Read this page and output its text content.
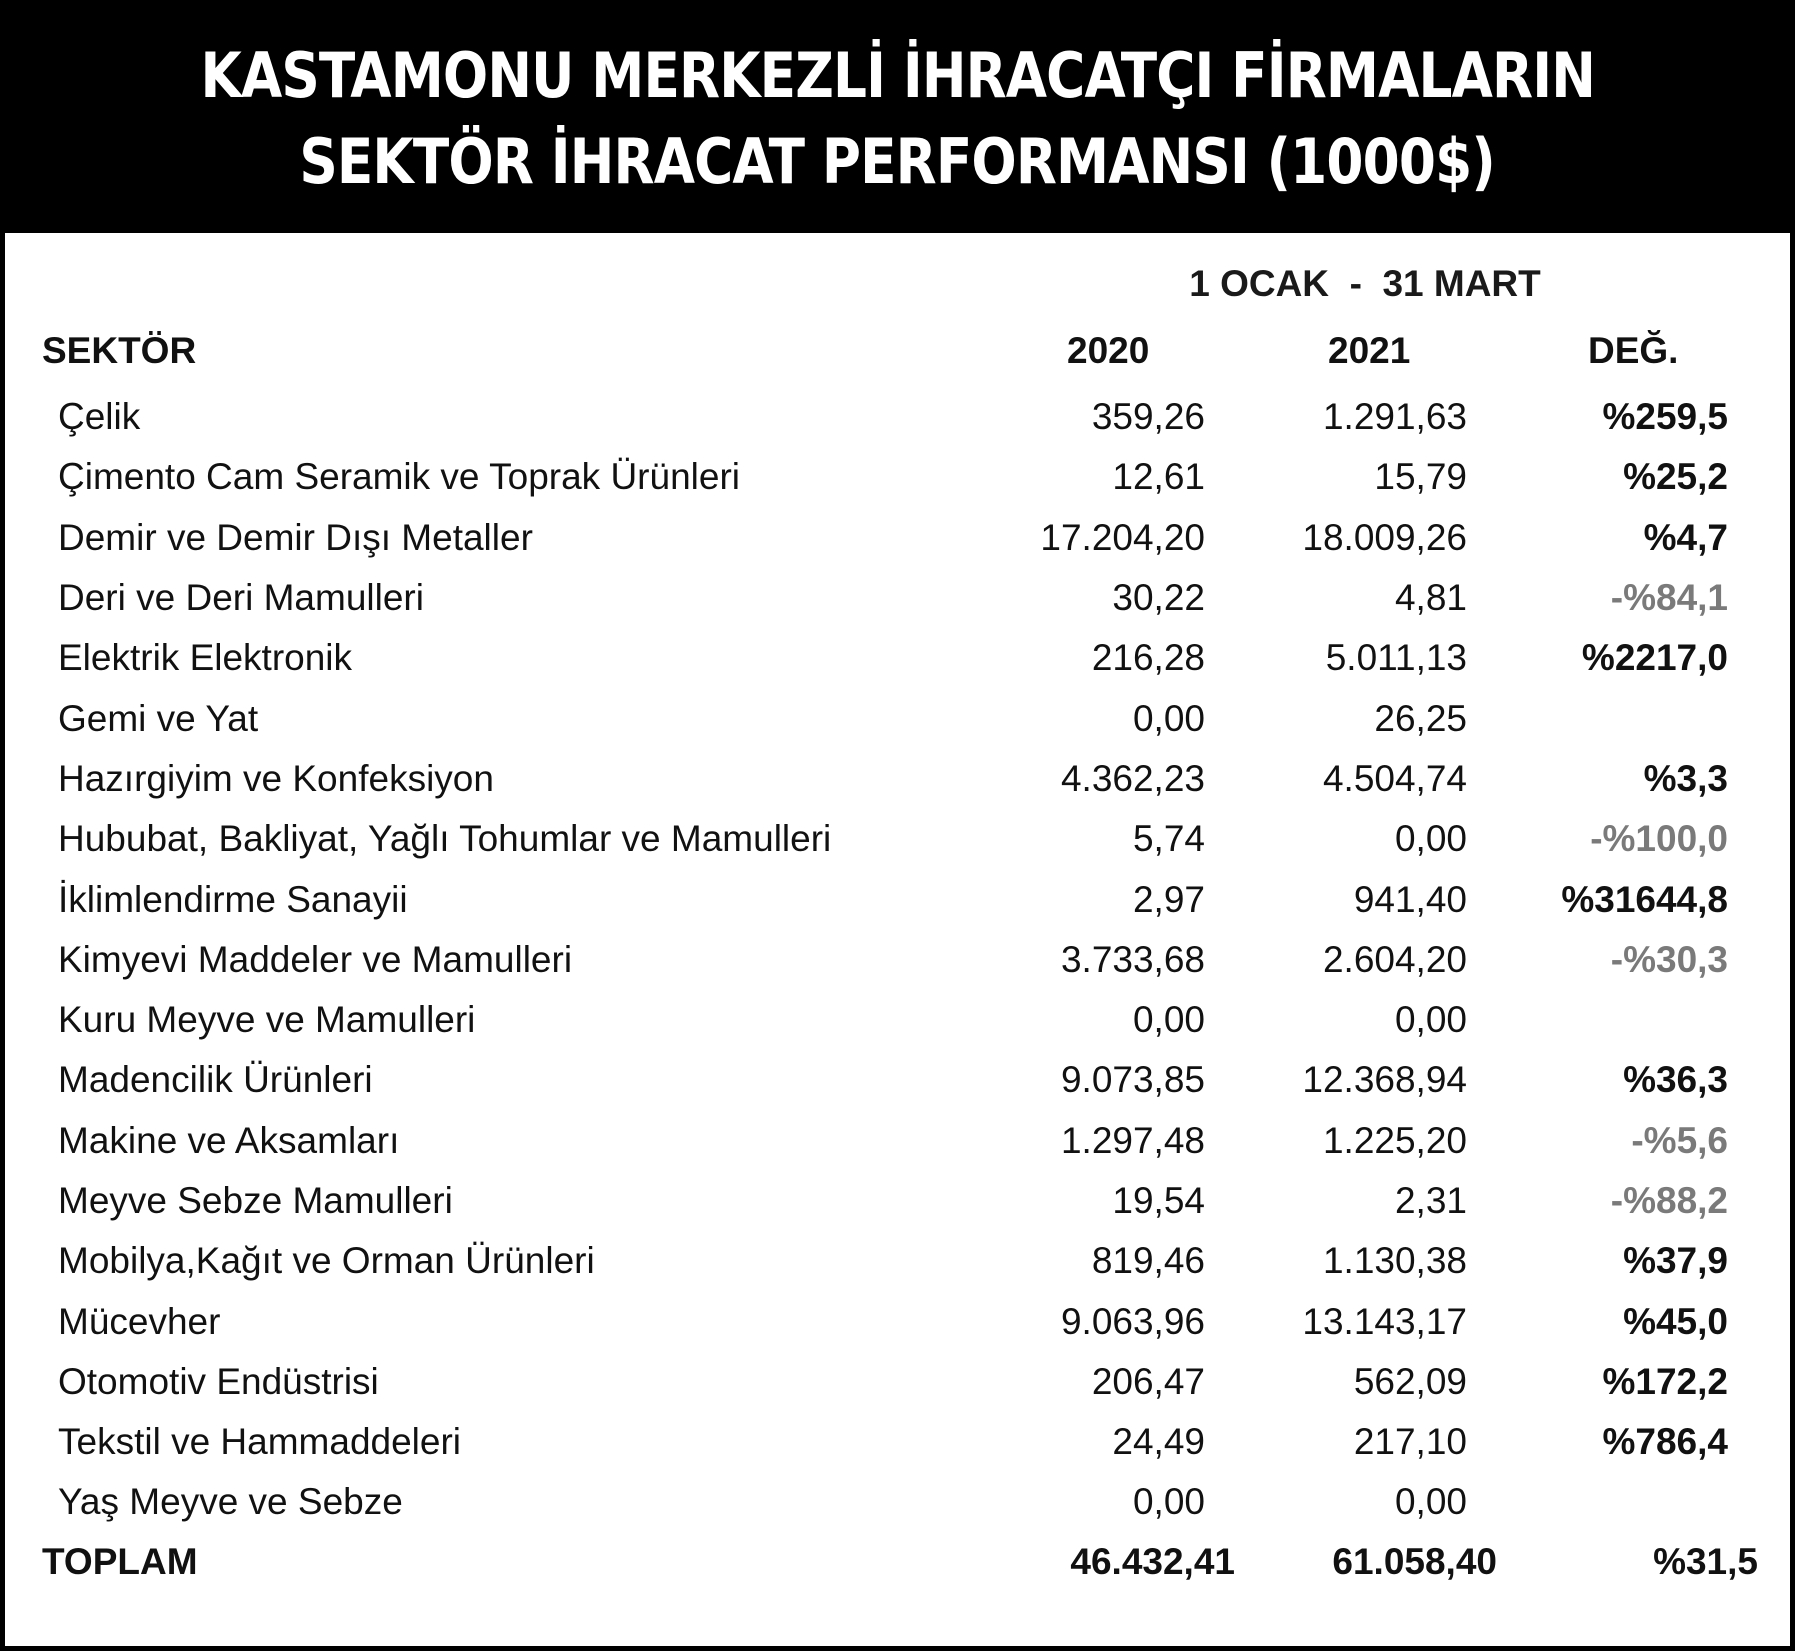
KASTAMONU MERKEZLİ İHRACATÇI FİRMALARIN
SEKTÖR İHRACAT PERFORMANSI (1000$)
1 OCAK  -  31 MART
SEKTÖR	2020	2021	DEĞ.
Çelik	359,26	1.291,63	%259,5
Çimento Cam Seramik ve Toprak Ürünleri	12,61	15,79	%25,2
Demir ve Demir Dışı Metaller	17.204,20	18.009,26	%4,7
Deri ve Deri Mamulleri	30,22	4,81	-%84,1
Elektrik Elektronik	216,28	5.011,13	%2217,0
Gemi ve Yat	0,00	26,25	
Hazırgiyim ve Konfeksiyon	4.362,23	4.504,74	%3,3
Hububat, Bakliyat, Yağlı Tohumlar ve Mamulleri	5,74	0,00	-%100,0
İklimlendirme Sanayii	2,97	941,40	%31644,8
Kimyevi Maddeler ve Mamulleri	3.733,68	2.604,20	-%30,3
Kuru Meyve ve Mamulleri	0,00	0,00	
Madencilik Ürünleri	9.073,85	12.368,94	%36,3
Makine ve Aksamları	1.297,48	1.225,20	-%5,6
Meyve Sebze Mamulleri	19,54	2,31	-%88,2
Mobilya,Kağıt ve Orman Ürünleri	819,46	1.130,38	%37,9
Mücevher	9.063,96	13.143,17	%45,0
Otomotiv Endüstrisi	206,47	562,09	%172,2
Tekstil ve Hammaddeleri	24,49	217,10	%786,4
Yaş Meyve ve Sebze	0,00	0,00	
TOPLAM	46.432,41	61.058,40	%31,5
